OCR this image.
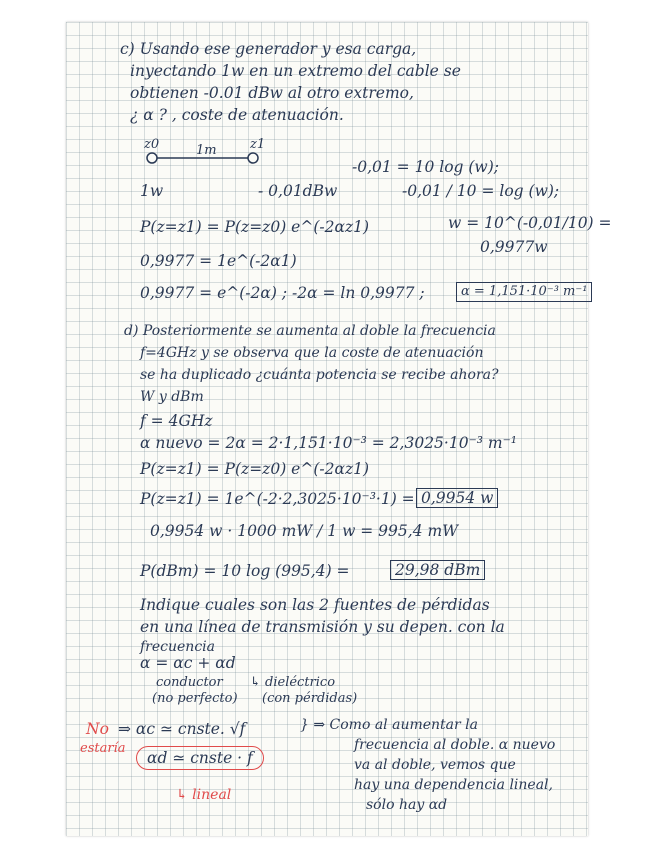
c) Usando ese generador y esa carga,
inyectando 1w en un extremo del cable se
obtienen -0.01 dBw al otro extremo,
¿ α ? , coste de atenuación.
z0	1m	z1
1w	- 0,01dBw
-0,01 = 10 log (w);
-0,01 / 10 = log (w);
P(z=z1) = P(z=z0) e^(-2αz1)	w = 10^(-0,01/10) =
0,9977w
0,9977 = 1e^(-2α1)
0,9977 = e^(-2α) ; -2α = ln 0,9977 ;	α = 1,151·10⁻³ m⁻¹
d) Posteriormente se aumenta al doble la frecuencia
f=4GHz y se observa que la coste de atenuación
se ha duplicado ¿cuánta potencia se recibe ahora?
W y dBm
f = 4GHz
α nuevo = 2α = 2·1,151·10⁻³ = 2,3025·10⁻³ m⁻¹
P(z=z1) = P(z=z0) e^(-2αz1)
P(z=z1) = 1e^(-2·2,3025·10⁻³·1) = 0,9954 w
0,9954 w · 1000 mW / 1 w = 995,4 mW
P(dBm) = 10 log (995,4) =	29,98 dBm
Indique cuales son las 2 fuentes de pérdidas
en una línea de transmisión y su depen. con la
frecuencia
α = αc + αd
conductor ↳ dieléctrico
(no perfecto) (con pérdidas)
No
estaría
⇒ αc ≃ cnste. √f
αd ≃ cnste · f
↳ lineal
} ⇒ Como al aumentar la
frecuencia al doble. α nuevo
va al doble, vemos que
hay una dependencia lineal,
sólo hay αd
